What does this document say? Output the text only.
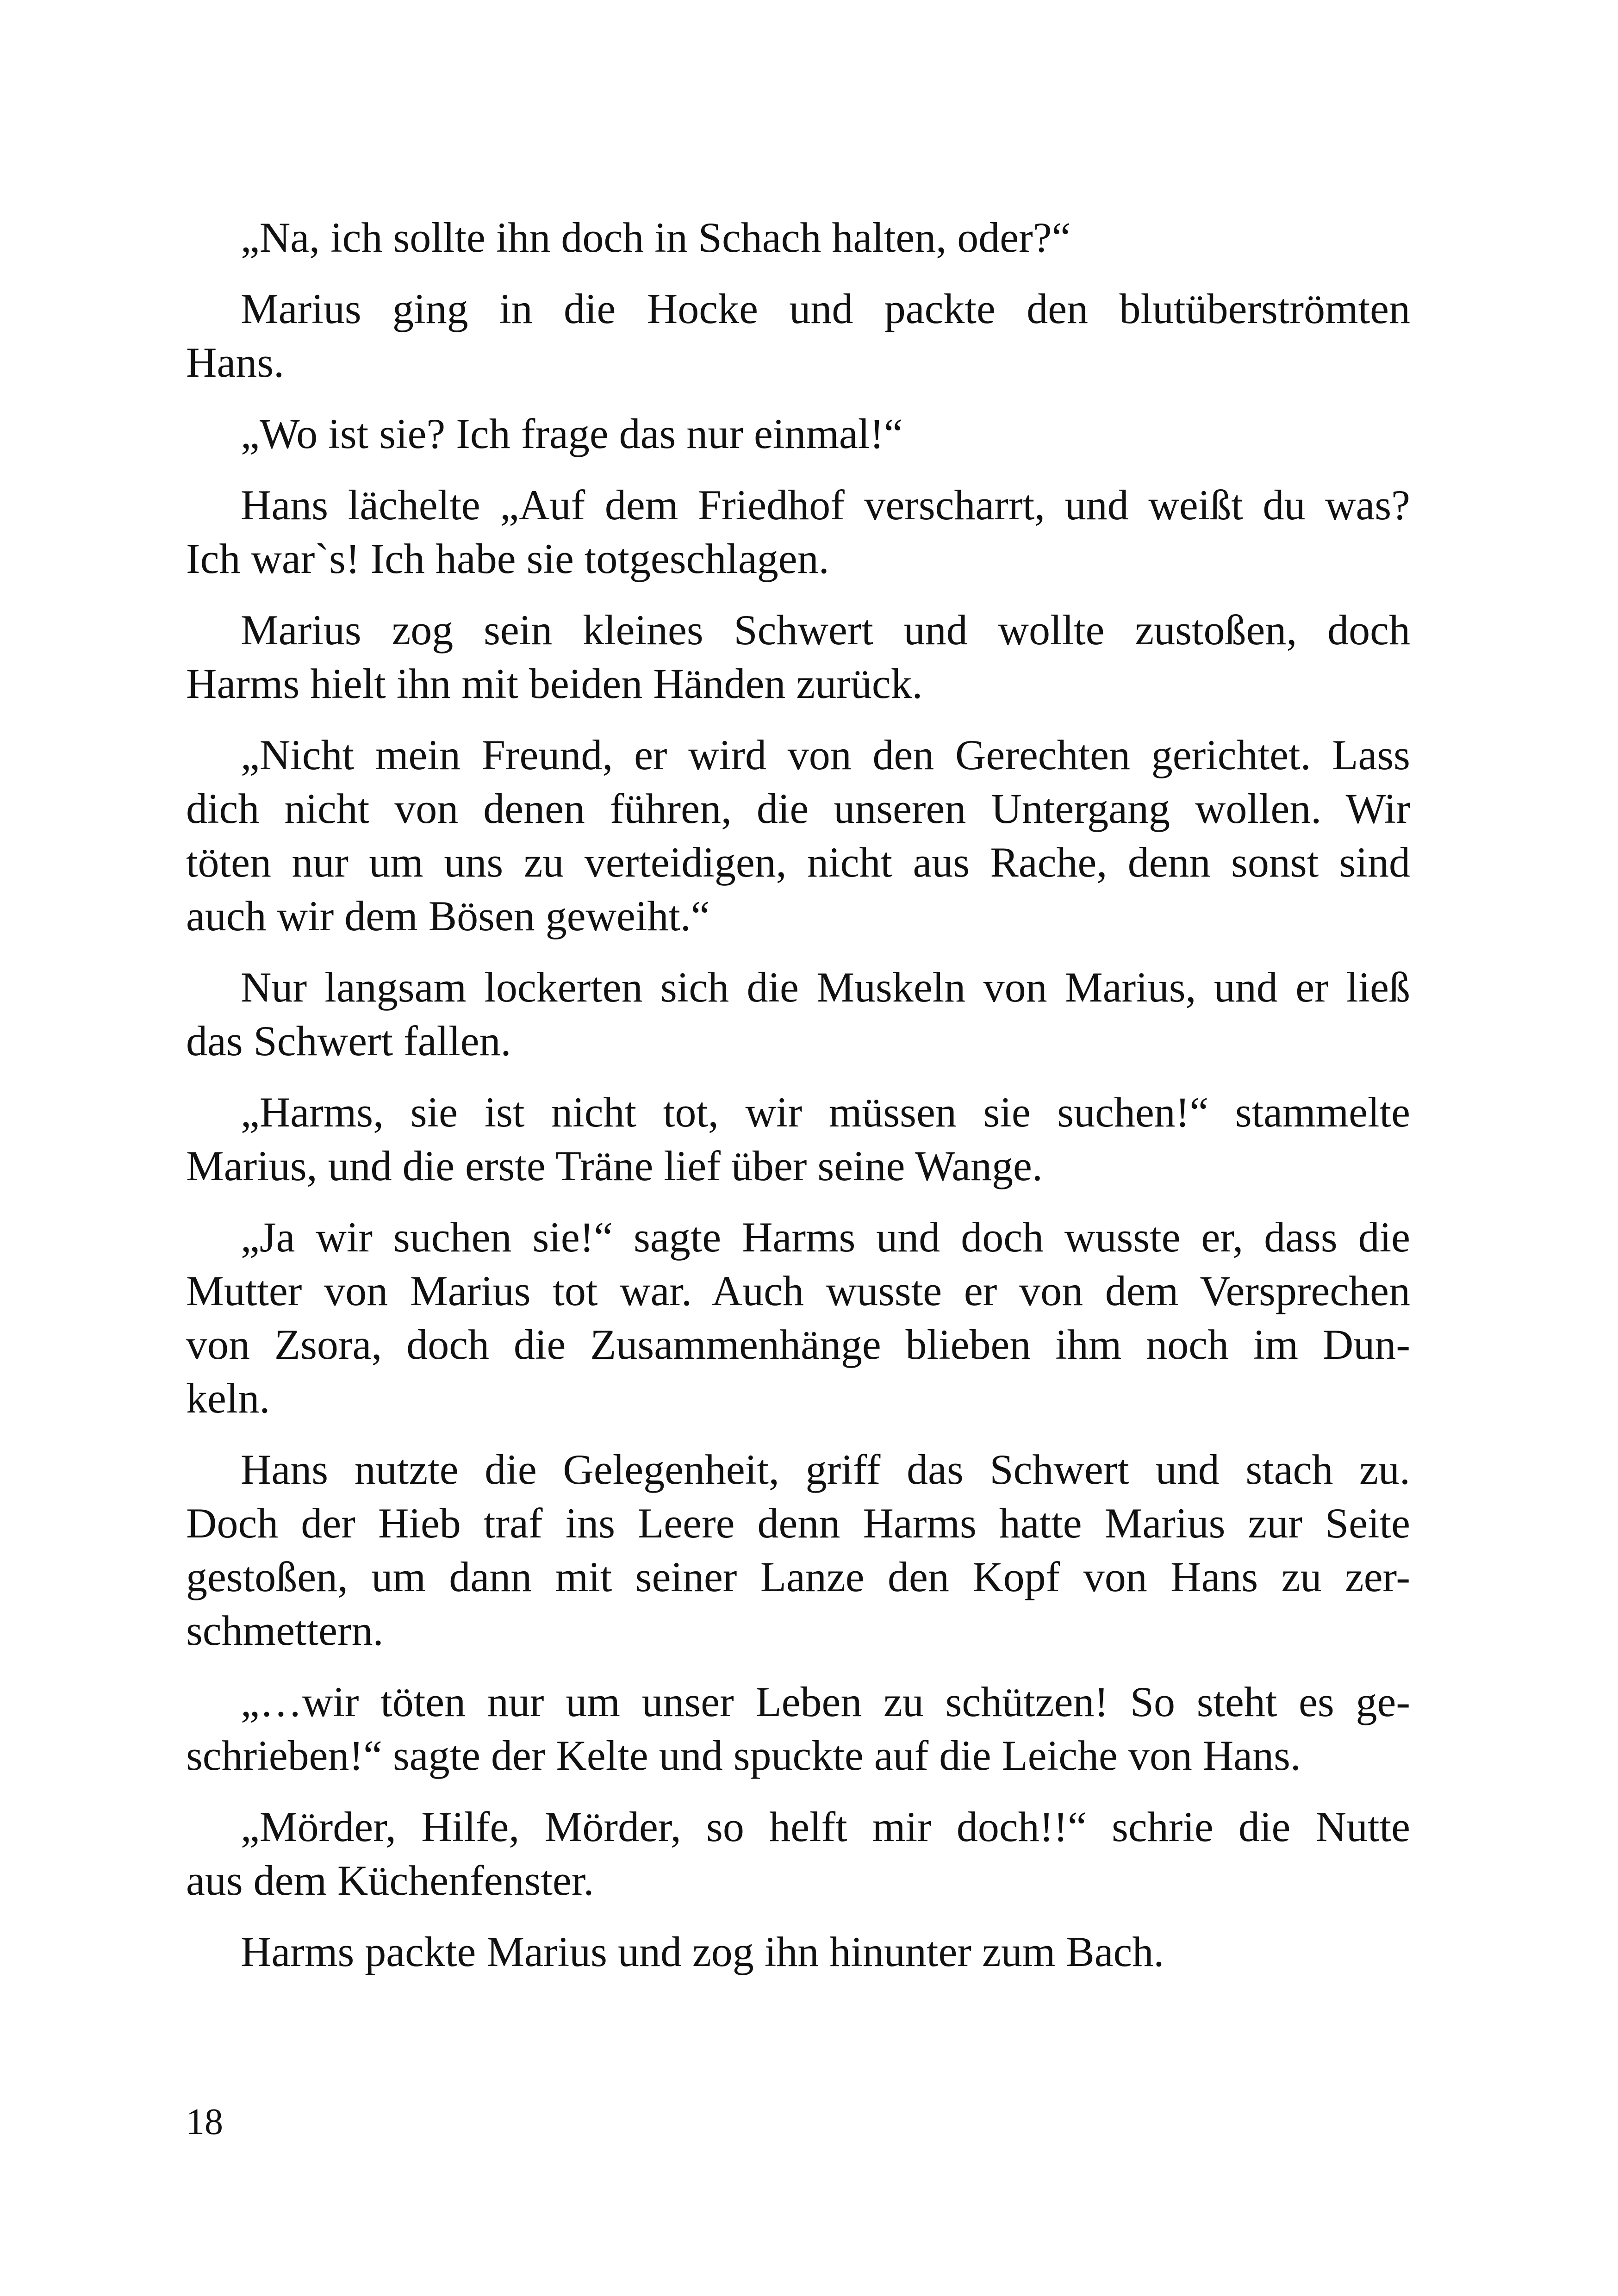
„Na, ich sollte ihn doch in Schach halten, oder?“
Marius ging in die Hocke und packte den blutüberströmten
Hans.
„Wo ist sie? Ich frage das nur einmal!“
Hans lächelte „Auf dem Friedhof verscharrt, und weißt du was?
Ich war`s! Ich habe sie totgeschlagen.
Marius zog sein kleines Schwert und wollte zustoßen, doch
Harms hielt ihn mit beiden Händen zurück.
„Nicht mein Freund, er wird von den Gerechten gerichtet. Lass
dich nicht von denen führen, die unseren Untergang wollen. Wir
töten nur um uns zu verteidigen, nicht aus Rache, denn sonst sind
auch wir dem Bösen geweiht.“
Nur langsam lockerten sich die Muskeln von Marius, und er ließ
das Schwert fallen.
„Harms, sie ist nicht tot, wir müssen sie suchen!“ stammelte
Marius, und die erste Träne lief über seine Wange.
„Ja wir suchen sie!“ sagte Harms und doch wusste er, dass die
Mutter von Marius tot war. Auch wusste er von dem Versprechen
von Zsora, doch die Zusammenhänge blieben ihm noch im Dun-
keln.
Hans nutzte die Gelegenheit, griff das Schwert und stach zu.
Doch der Hieb traf ins Leere denn Harms hatte Marius zur Seite
gestoßen, um dann mit seiner Lanze den Kopf von Hans zu zer-
schmettern.
„…wir töten nur um unser Leben zu schützen! So steht es ge-
schrieben!“ sagte der Kelte und spuckte auf die Leiche von Hans.
„Mörder, Hilfe, Mörder, so helft mir doch!!“ schrie die Nutte
aus dem Küchenfenster.
Harms packte Marius und zog ihn hinunter zum Bach.
18
